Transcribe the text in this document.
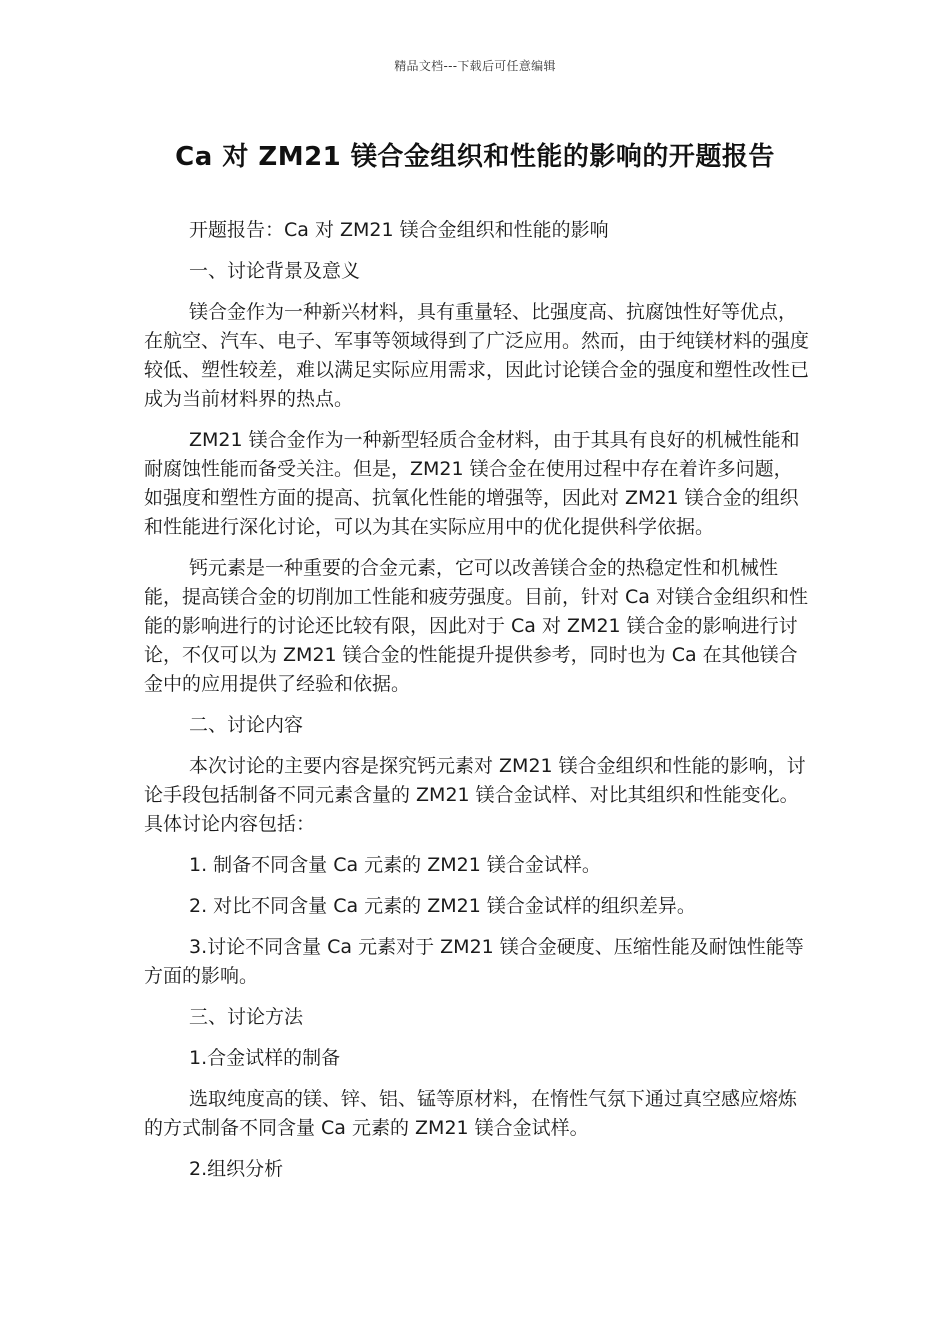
精品文档---下载后可任意编辑
Ca 对 ZM21 镁合金组织和性能的影响的开题报告

开题报告：Ca 对 ZM21 镁合金组织和性能的影响

一、讨论背景及意义

镁合金作为一种新兴材料，具有重量轻、比强度高、抗腐蚀性好等优点，在航空、汽车、电子、军事等领域得到了广泛应用。然而，由于纯镁材料的强度较低、塑性较差，难以满足实际应用需求，因此讨论镁合金的强度和塑性改性已成为当前材料界的热点。

ZM21 镁合金作为一种新型轻质合金材料，由于其具有良好的机械性能和耐腐蚀性能而备受关注。但是，ZM21 镁合金在使用过程中存在着许多问题，如强度和塑性方面的提高、抗氧化性能的增强等，因此对 ZM21 镁合金的组织和性能进行深化讨论，可以为其在实际应用中的优化提供科学依据。

钙元素是一种重要的合金元素，它可以改善镁合金的热稳定性和机械性能，提高镁合金的切削加工性能和疲劳强度。目前，针对 Ca 对镁合金组织和性能的影响进行的讨论还比较有限，因此对于 Ca 对 ZM21 镁合金的影响进行讨论，不仅可以为 ZM21 镁合金的性能提升提供参考，同时也为 Ca 在其他镁合金中的应用提供了经验和依据。

二、讨论内容

本次讨论的主要内容是探究钙元素对 ZM21 镁合金组织和性能的影响，讨论手段包括制备不同元素含量的 ZM21 镁合金试样、对比其组织和性能变化。具体讨论内容包括：

1. 制备不同含量 Ca 元素的 ZM21 镁合金试样。

2. 对比不同含量 Ca 元素的 ZM21 镁合金试样的组织差异。

3.讨论不同含量 Ca 元素对于 ZM21 镁合金硬度、压缩性能及耐蚀性能等方面的影响。

三、讨论方法

1.合金试样的制备

选取纯度高的镁、锌、铝、锰等原材料，在惰性气氛下通过真空感应熔炼的方式制备不同含量 Ca 元素的 ZM21 镁合金试样。

2.组织分析
